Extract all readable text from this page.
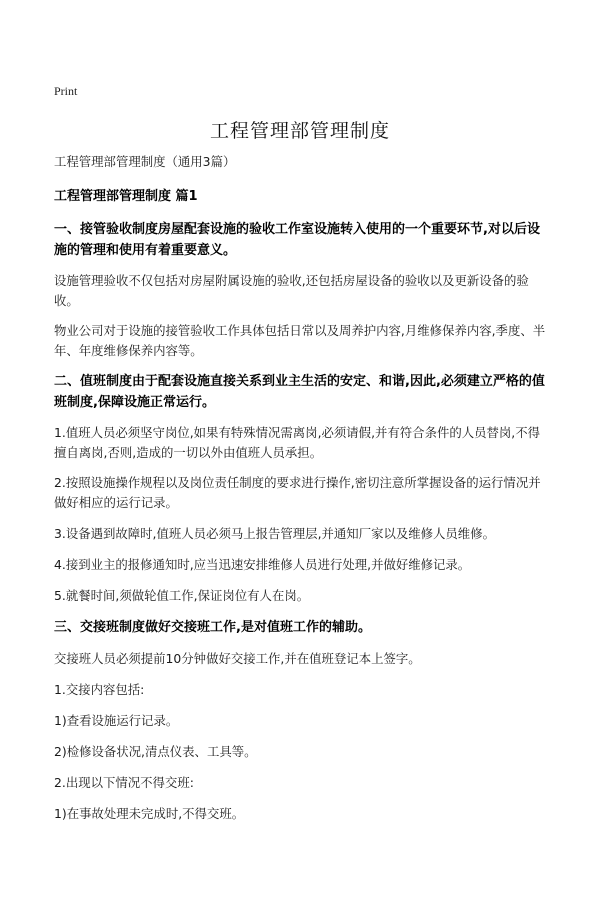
Print
工程管理部管理制度

工程管理部管理制度（通用3篇）

工程管理部管理制度 篇1

一、接管验收制度房屋配套设施的验收工作室设施转入使用的一个重要环节,对以后设施的管理和使用有着重要意义。

设施管理验收不仅包括对房屋附属设施的验收,还包括房屋设备的验收以及更新设备的验收。

物业公司对于设施的接管验收工作具体包括日常以及周养护内容,月维修保养内容,季度、半年、年度维修保养内容等。

二、值班制度由于配套设施直接关系到业主生活的安定、和谐,因此,必须建立严格的值班制度,保障设施正常运行。

1.值班人员必须坚守岗位,如果有特殊情况需离岗,必须请假,并有符合条件的人员替岗,不得擅自离岗,否则,造成的一切以外由值班人员承担。

2.按照设施操作规程以及岗位责任制度的要求进行操作,密切注意所掌握设备的运行情况并做好相应的运行记录。

3.设备遇到故障时,值班人员必须马上报告管理层,并通知厂家以及维修人员维修。

4.接到业主的报修通知时,应当迅速安排维修人员进行处理,并做好维修记录。

5.就餐时间,须做轮值工作,保证岗位有人在岗。

三、交接班制度做好交接班工作,是对值班工作的辅助。

交接班人员必须提前10分钟做好交接工作,并在值班登记本上签字。

1.交接内容包括:

1)查看设施运行记录。

2)检修设备状况,清点仪表、工具等。

2.出现以下情况不得交班:

1)在事故处理未完成时,不得交班。
